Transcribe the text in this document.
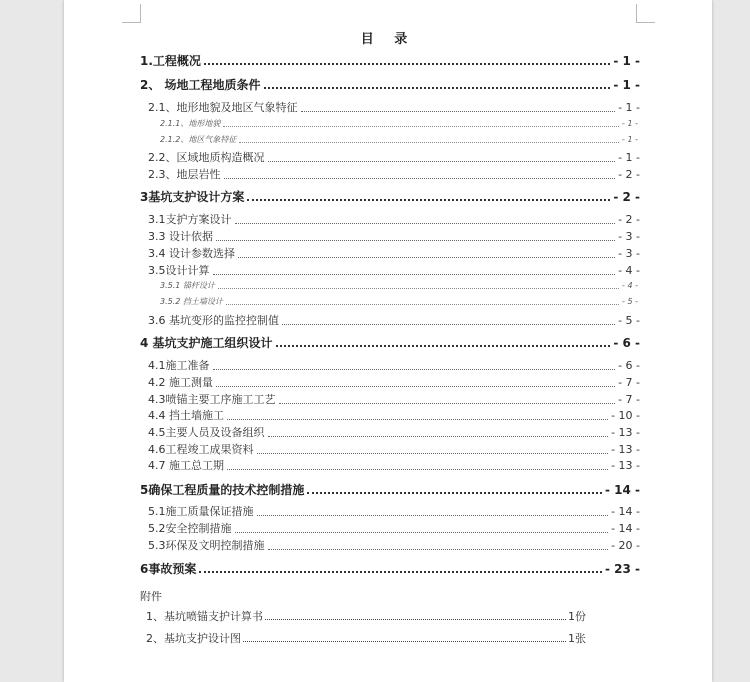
目 录
1.工程概况	- 1 -
2、 场地工程地质条件	- 1 -
2.1、地形地貌及地区气象特征	- 1 -
2.1.1、地形地貌	- 1 -
2.1.2、地区气象特征	- 1 -
2.2、区域地质构造概况	- 1 -
2.3、地层岩性	- 2 -
3基坑支护设计方案	- 2 -
3.1支护方案设计	- 2 -
3.3 设计依据	- 3 -
3.4 设计参数选择	- 3 -
3.5设计计算	- 4 -
3.5.1 锚杆设计	- 4 -
3.5.2 挡土墙设计	- 5 -
3.6 基坑变形的监控控制值	- 5 -
4 基坑支护施工组织设计	- 6 -
4.1施工准备	- 6 -
4.2 施工测量	- 7 -
4.3喷锚主要工序施工工艺	- 7 -
4.4 挡土墙施工	- 10 -
4.5主要人员及设备组织	- 13 -
4.6工程竣工成果资料	- 13 -
4.7 施工总工期	- 13 -
5确保工程质量的技术控制措施	- 14 -
5.1施工质量保证措施	- 14 -
5.2安全控制措施	- 14 -
5.3环保及文明控制措施	- 20 -
6事故预案	- 23 -
附件
1、基坑喷锚支护计算书	1份
2、基坑支护设计图	1张
